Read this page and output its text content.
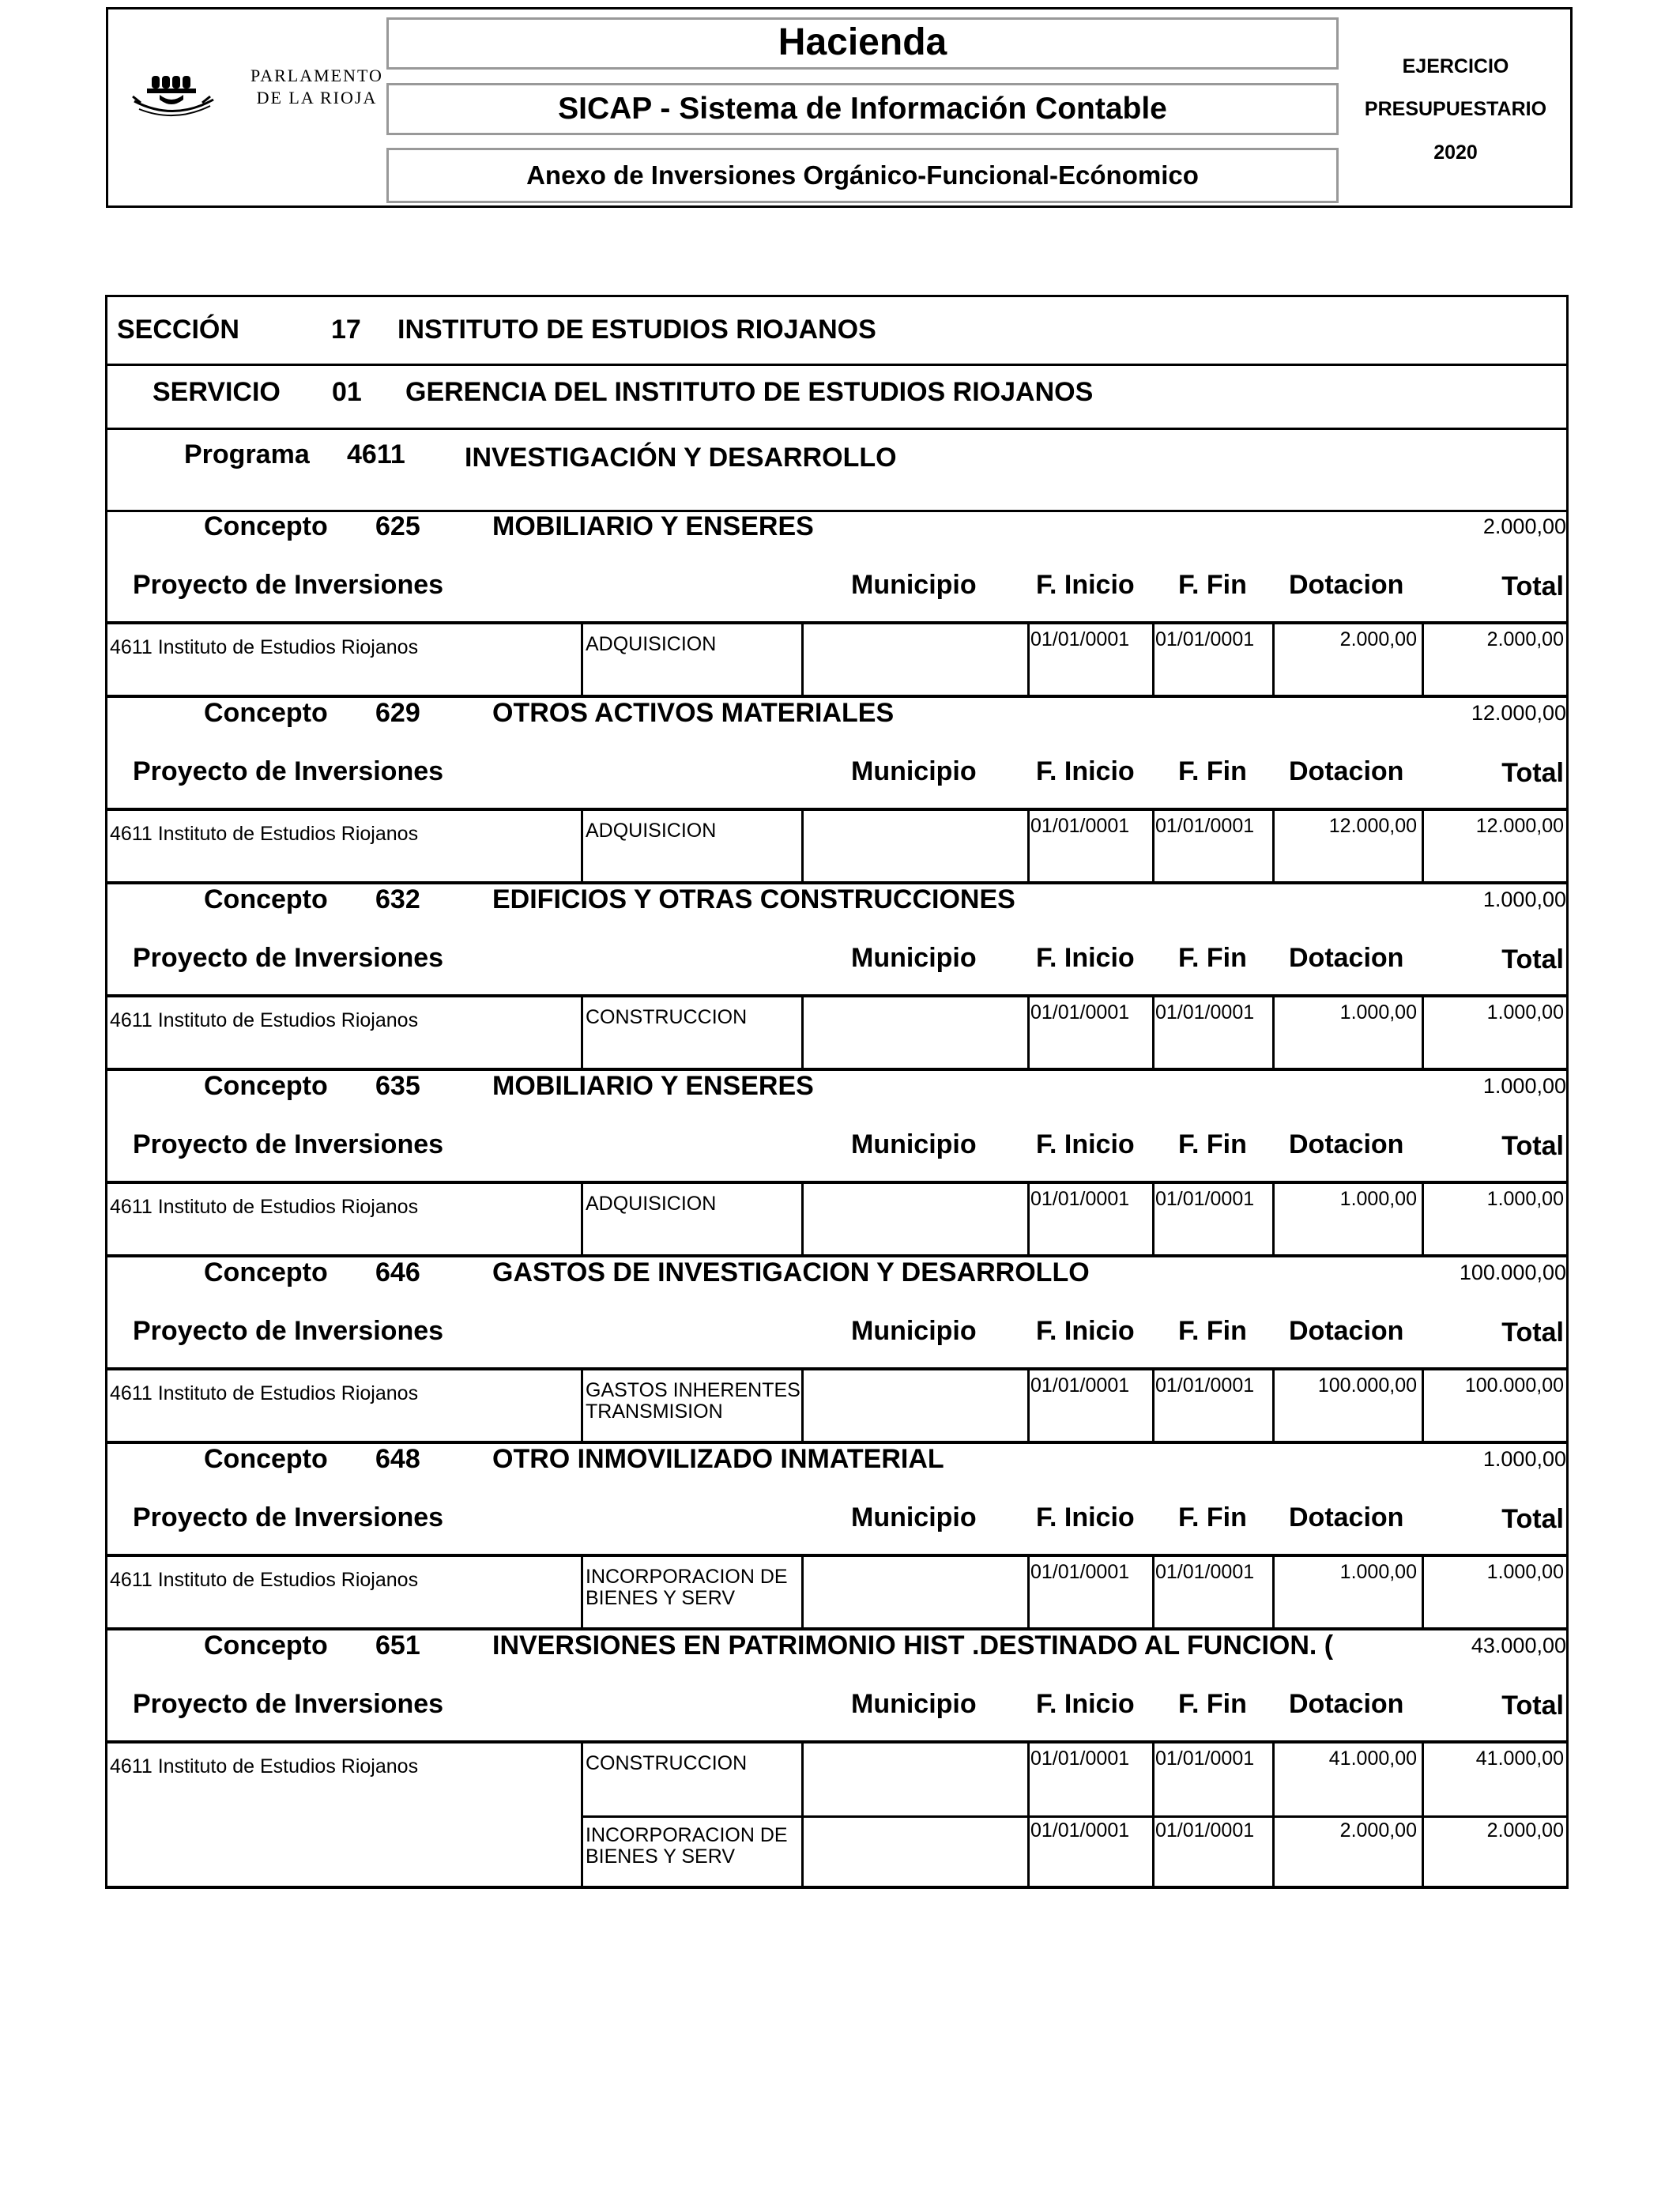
PARLAMENTO
DE LA RIOJA
Hacienda
SICAP - Sistema de Información Contable
Anexo de Inversiones Orgánico-Funcional-Ecónomico
EJERCICIO
PRESUPUESTARIO
2020
SECCIÓN	17 INSTITUTO DE ESTUDIOS RIOJANOS
SERVICIO 01 GERENCIA DEL INSTITUTO DE ESTUDIOS RIOJANOS
Programa 4611 INVESTIGACIÓN Y DESARROLLO
Concepto 625	MOBILIARIO Y ENSERES	2.000,00
Proyecto de Inversiones	Municipio F. Inicio F. Fin Dotacion	Total
4611 Instituto de Estudios Riojanos	ADQUISICION	01/01/0001 01/01/0001	2.000,00	2.000,00
Concepto 629	OTROS ACTIVOS MATERIALES	12.000,00
Proyecto de Inversiones	Municipio F. Inicio F. Fin Dotacion	Total
4611 Instituto de Estudios Riojanos	ADQUISICION	01/01/0001 01/01/0001	12.000,00	12.000,00
Concepto 632	EDIFICIOS Y OTRAS CONSTRUCCIONES	1.000,00
Proyecto de Inversiones	Municipio F. Inicio F. Fin Dotacion	Total
4611 Instituto de Estudios Riojanos	CONSTRUCCION	01/01/0001 01/01/0001	1.000,00	1.000,00
Concepto 635	MOBILIARIO Y ENSERES	1.000,00
Proyecto de Inversiones	Municipio F. Inicio F. Fin Dotacion	Total
4611 Instituto de Estudios Riojanos	ADQUISICION	01/01/0001 01/01/0001	1.000,00	1.000,00
Concepto 646	GASTOS DE INVESTIGACION Y DESARROLLO	100.000,00
Proyecto de Inversiones	Municipio F. Inicio F. Fin Dotacion	Total
4611 Instituto de Estudios Riojanos	GASTOS INHERENTES
TRANSMISION
01/01/0001 01/01/0001	100.000,00 100.000,00
Concepto 648	OTRO INMOVILIZADO INMATERIAL	1.000,00
Proyecto de Inversiones	Municipio F. Inicio F. Fin Dotacion	Total
4611 Instituto de Estudios Riojanos	INCORPORACION DE
BIENES Y SERV
01/01/0001 01/01/0001	1.000,00	1.000,00
Concepto 651	INVERSIONES EN PATRIMONIO HIST .DESTINADO AL FUNCION. (	43.000,00
Proyecto de Inversiones	Municipio F. Inicio F. Fin Dotacion	Total
4611 Instituto de Estudios Riojanos	CONSTRUCCION	01/01/0001 01/01/0001	41.000,00	41.000,00
INCORPORACION DE
BIENES Y SERV
01/01/0001 01/01/0001	2.000,00	2.000,00
